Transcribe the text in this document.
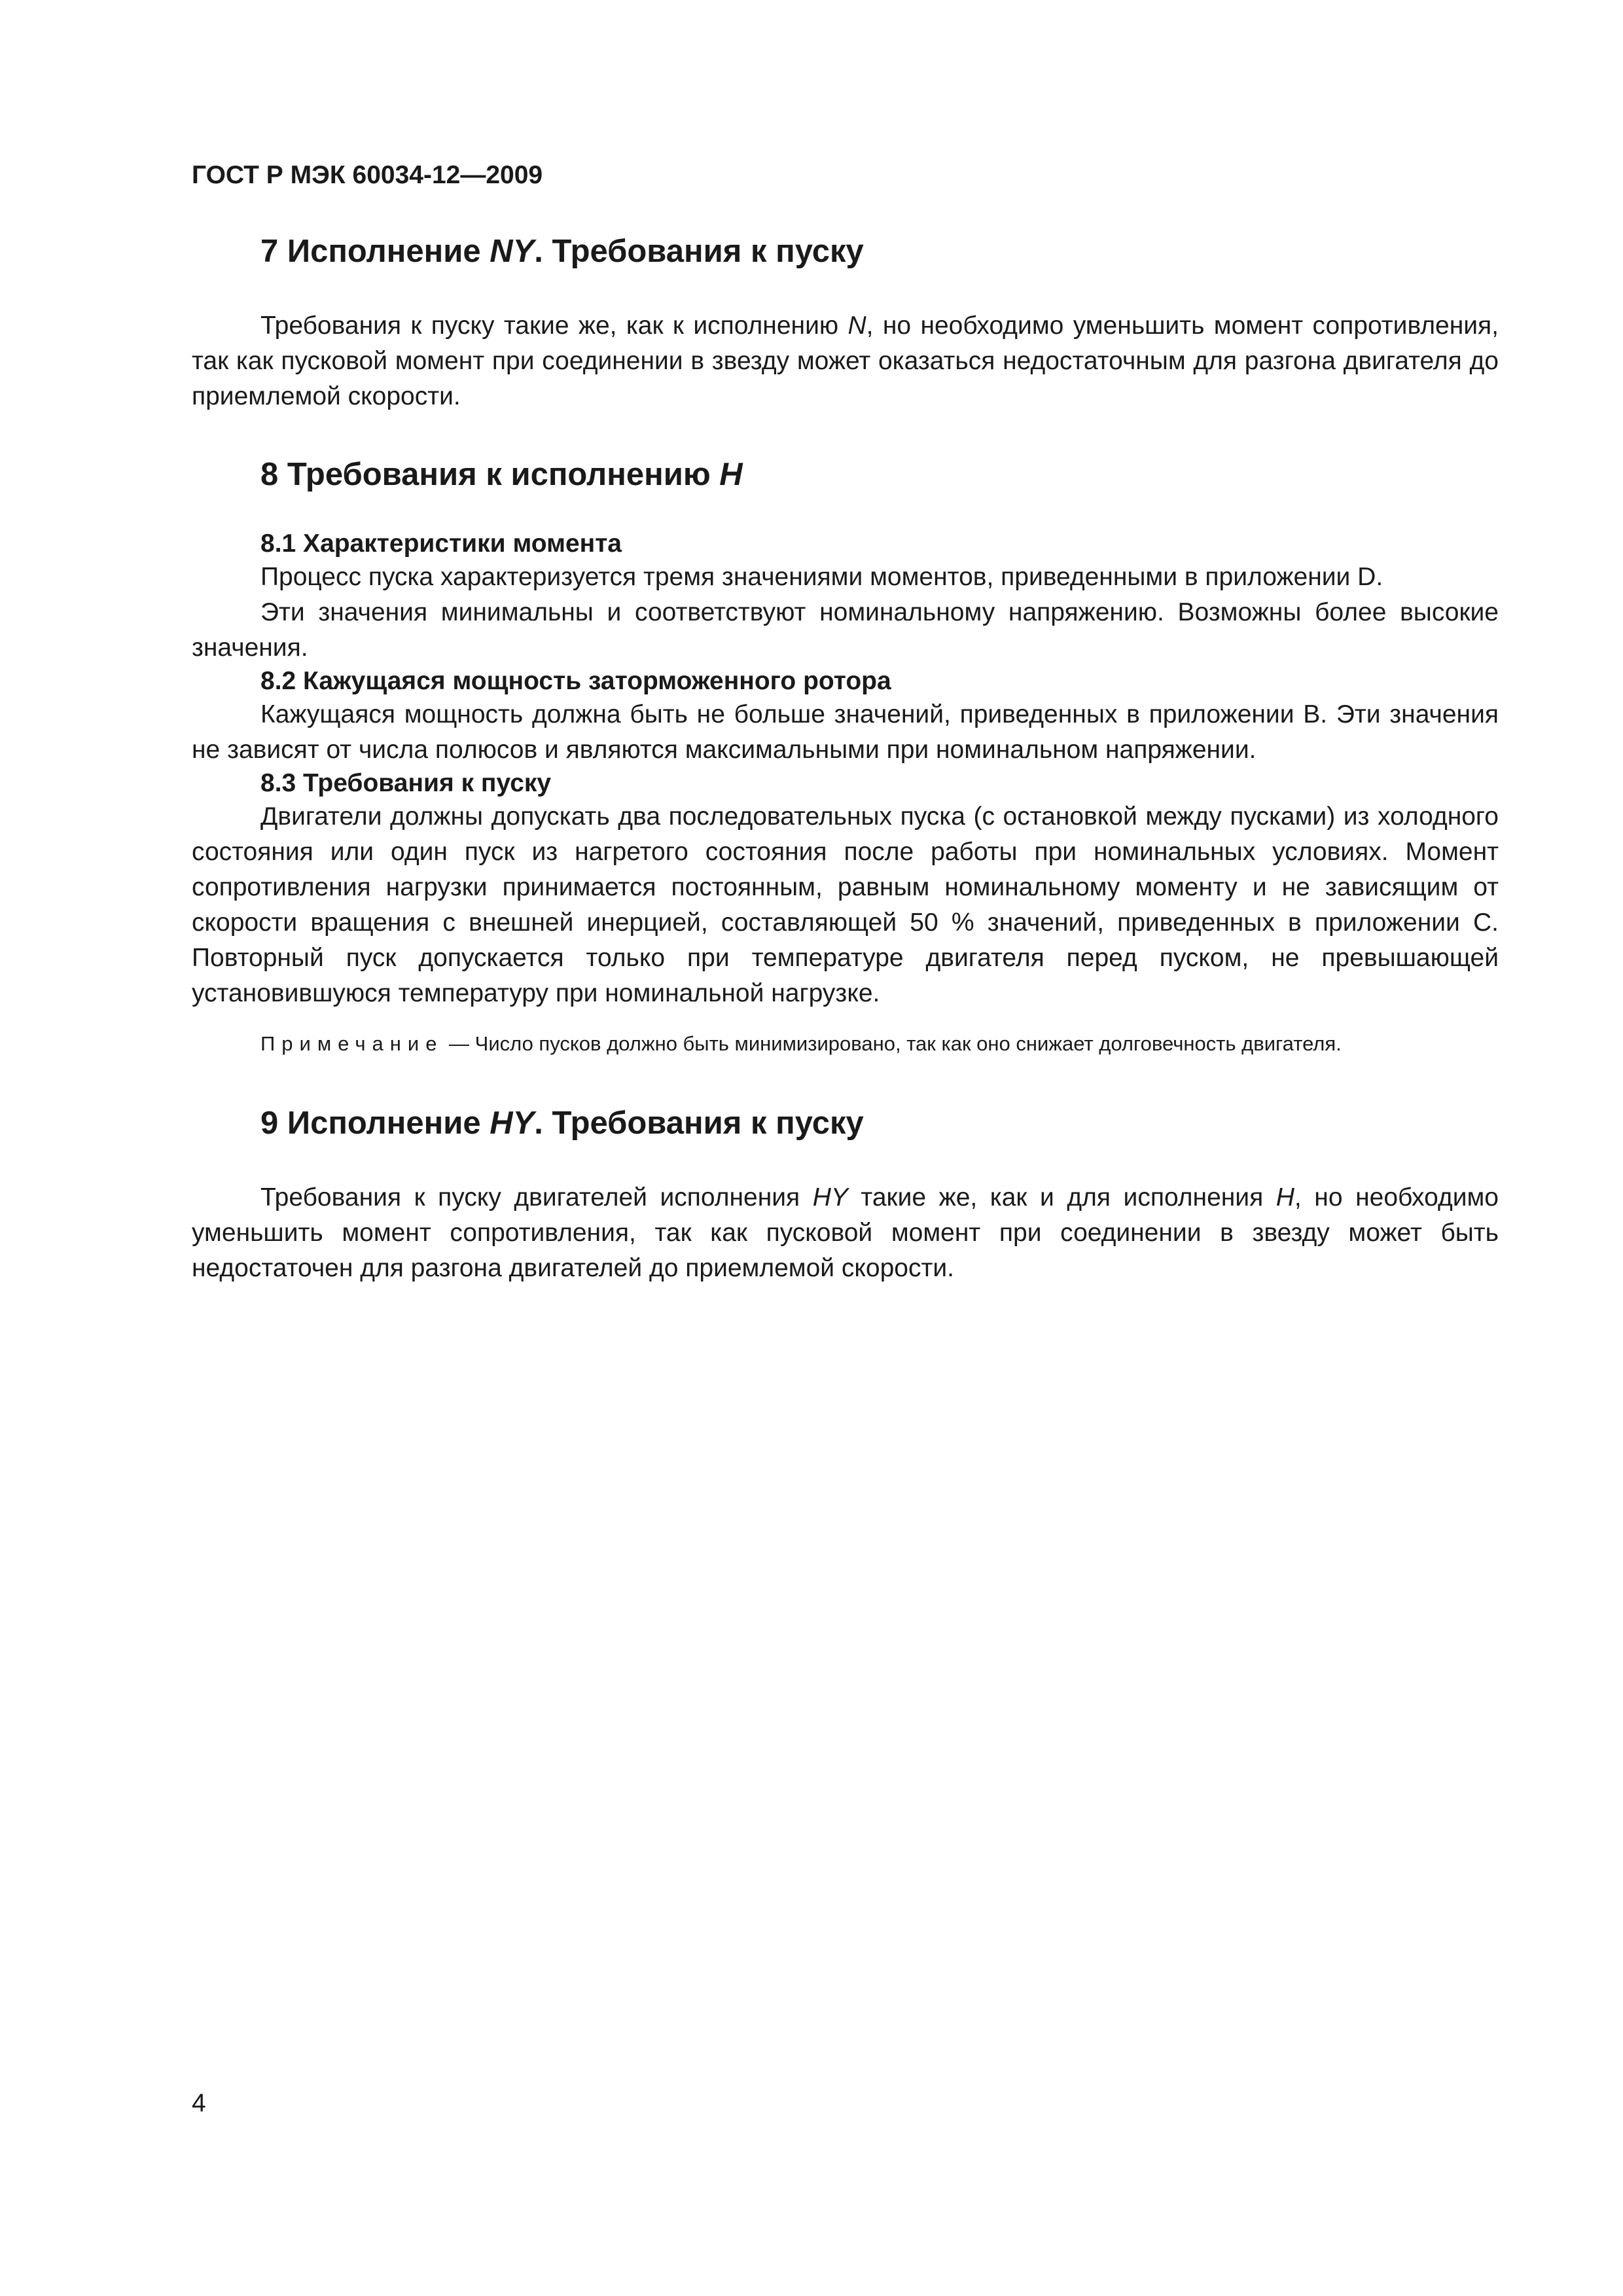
ГОСТ Р МЭК 60034-12—2009
7 Исполнение NY. Требования к пуску

Требования к пуску такие же, как к исполнению N, но необходимо уменьшить момент сопротивления, так как пусковой момент при соединении в звезду может оказаться недостаточным для разгона двигателя до приемлемой скорости.

8 Требования к исполнению H
8.1 Характеристики момента

Процесс пуска характеризуется тремя значениями моментов, приведенными в приложении D.

Эти значения минимальны и соответствуют номинальному напряжению. Возможны более высокие значения.

8.2 Кажущаяся мощность заторможенного ротора

Кажущаяся мощность должна быть не больше значений, приведенных в приложении B. Эти значения не зависят от числа полюсов и являются максимальными при номинальном напряжении.

8.3 Требования к пуску

Двигатели должны допускать два последовательных пуска (с остановкой между пусками) из холодного состояния или один пуск из нагретого состояния после работы при номинальных условиях. Момент сопротивления нагрузки принимается постоянным, равным номинальному моменту и не зависящим от скорости вращения с внешней инерцией, составляющей 50 % значений, приведенных в приложении C. Повторный пуск допускается только при температуре двигателя перед пуском, не превышающей установившуюся температуру при номинальной нагрузке.

Примечание — Число пусков должно быть минимизировано, так как оно снижает долговечность двигателя.

9 Исполнение HY. Требования к пуску

Требования к пуску двигателей исполнения HY такие же, как и для исполнения H, но необходимо уменьшить момент сопротивления, так как пусковой момент при соединении в звезду может быть недостаточен для разгона двигателей до приемлемой скорости.

4
